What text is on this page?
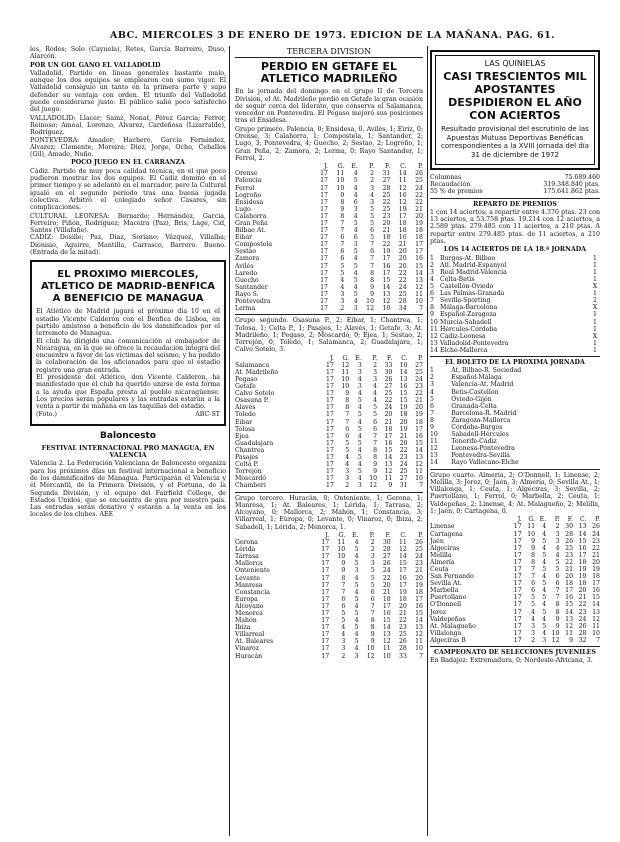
ABC. MIERCOLES 3 DE ENERO DE 1973. EDICION DE LA MAÑANA. PAG. 61.

les, Rodes; Solo (Cayuela), Retes, García Barreiro, Duso, Alarcón.

POR UN GOL GANO EL VALLADOLID

Valladolid. Partido en líneas generales bastante malo, aunque los dos equipos se emplearon con sumo vigor. El Valladolid consiguió un tanto en la primera parte y supo defender su ventaja con orden. El triunfo del Valladolid puede considerarse justo. El público salió poco satisfecho del juego.

VALLADOLID: Llacer; Sainz, Nonat, Pérez Garcia; Ferrer, Reinoso; Ameal, Lorenzo, Alvarez, Cardeñosa (Lizarralde), Rodríguez.
PONTEVEDRA: Amador; Hachero, García Fernández, Alvarez; Clemente, Moreira; Diez, Jorge, Ocho, Ceballos (Gil), Amado, Nuño.

POCO JUEGO EN EL CARRANZA

Cádiz. Partido de muy poca calidad técnica, en el que poco pudieron mostrar los dos equipos. El Cádiz dominó en el primer tiempo y se adelantó en el marcador, pero la Cultural igualó en el segundo período tras una buena jugada colectiva. Arbitró el colegiado señor Casares, sin complicaciones.

CULTURAL LEONESA: Bernardo; Hernández, Garcia, Ferreiro; Piñón, Rodríguez; Maceira (Paz), Bris, Lage, Cid, Santos (Villafañe).
CADIZ: Dosille; Paz, Diaz, Soriano; Vázquez, Villalba; Dionisio, Aguirre, Mantilla, Carrasco, Barrero. Bueno. (Entrada de la mitad).

EL PROXIMO MIERCOLES, ATLETICO DE MADRID-BENFICA A BENEFICIO DE MANAGUA

El Atlético de Madrid jugará el próximo día 10 en el estadio Vicente Calderón con el Benfica de Lisboa, en partido amistoso a beneficio de los damnificados por el terremoto de Managua.
El club ha dirigido una comunicación al embajador de Nicaragua, en la que se ofrece la recaudación íntegra del encuentro a favor de las víctimas del seísmo, y ha pedido la colaboración de los aficionados para que el estadio registre una gran entrada.
El presidente del Atlético, don Vicente Calderón, ha manifestado que el club ha querido unirse de esta forma a la ayuda que España presta al pueblo nicaragüense. Los precios serán populares y las entradas estarán a la venta a partir de mañana en las taquillas del estadio.

(Foto.)	ABC-ST

Baloncesto

FESTIVAL INTERNACIONAL PRO MANAGUA, EN VALENCIA

Valencia 2. La Federación Valenciana de Baloncesto organiza para los próximos días un festival internacional a beneficio de los damnificados de Managua. Participarán el Valencia y el Mercantil, de la Primera División, y el Fortuna, de la Segunda División, y el equipo del Fairfield College, de Estados Unidos, que se encuentra de gira por nuestro país. Las entradas serán donativo y estarán a la venta en los locales de los clubes. AEE

TERCERA DIVISION
PERDIO EN GETAFE EL ATLETICO MADRILEÑO

En la jornada del domingo en el grupo II de Tercera División, el At. Madrileño perdió en Getafe la gran ocasión de seguir cerca del liderato, que conserva el Salamanca, vencedor en Pontevedra. El Pegaso mejoró sus posiciones tras el Ensidesa.

Grupo primero. Palencia, 0; Ensidesa, 0. Avilés, 1; Eiriz, 0; Orense, 3; Calahorra, 1; Compostela, 1; Santander, 2; Lugo, 3; Pontevedra, 4; Guecho, 2; Sestao, 2; Logroño, 1; Gran Peña, 2; Zamora, 2; Lerma, 0; Rayo Santander, 1; Ferrol, 2.

	J.	G.	E.	P.	F.	C.	P.
Orense	17	11	4	2	31	14	26
Palencia	17	10	5	2	27	11	25
Ferrol	17	10	4	3	28	12	24
Logroño	17	9	4	4	25	16	22
Ensidesa	17	8	6	3	22	12	22
Lugo	17	9	3	5	25	19	21
Calahorra	17	8	4	5	23	17	20
Gran Peña	17	7	5	5	20	18	19
Bilbao At.	17	7	4	6	21	18	18
Eibar	17	6	6	5	18	16	18
Compostela	17	7	3	7	22	21	17
Sestao	17	6	5	6	19	20	17
Zamora	17	6	4	7	17	20	16
Avilés	17	5	5	7	16	20	15
Laredo	17	5	4	8	17	22	14
Guecho	17	4	5	8	15	22	13
Santander	17	4	4	9	14	24	12
Rayo S.	17	3	5	9	13	25	11
Pontevedra	17	3	4	10	12	28	10
Lerma	17	2	3	12	10	34	7

Grupo segundo. Osasuna P., 2; Eibar, 1; Chantrea, 1; Tolosa, 1; Celta P., 1; Pasajes, 1; Alavés, 1; Getafe, 3; At. Madrileño, 1; Pegaso, 2; Moscardó, 0; Ejea, 1; Sestao, 2; Torrejón, 0; Toledo, 1; Salamanca, 2; Guadalajara, 1; Calvo Sotelo, 3.

	J.	G.	E.	P.	F.	C.	P.
Salamanca	17	12	3	2	33	10	27
At. Madrileño	17	11	3	3	30	14	25
Pegaso	17	10	4	3	26	13	24
Getafe	17	10	3	4	27	16	23
Calvo Sotelo	17	9	4	4	25	15	22
Osasuna P.	17	8	5	4	22	15	21
Alavés	17	8	4	5	24	19	20
Toledo	17	7	5	5	20	18	19
Eibar	17	7	4	6	21	20	18
Tolosa	17	6	5	6	18	19	17
Ejea	17	6	4	7	17	21	16
Guadalajara	17	5	5	7	16	20	15
Chantrea	17	5	4	8	15	22	14
Pasajes	17	4	5	8	14	23	13
Celta P.	17	4	4	9	13	24	12
Torrejón	17	3	5	9	12	25	11
Moscardó	17	3	4	10	11	27	10
Chamberí	17	2	3	12	9	31	7

Grupo tercero. Huracán, 0; Onteniente, 1; Gerona, 1; Manresa, 1; At. Baleares, 1; Lérida, 1; Tarrasa, 2; Alcoyano, 0; Mallorca, 2; Mahón, 1; Constancia, 3; Villarreal, 1; Europa, 0; Levante, 0; Vinaroz, 0; Ibiza, 2; Sabadell, 1; Lérida, 2; Menorca, 1.

	J.	G.	E.	P.	F.	C.	P.
Gerona	17	11	4	2	30	11	26
Lérida	17	10	5	2	28	12	25
Tarrasa	17	10	4	3	27	14	24
Mallorca	17	9	5	3	26	15	23
Onteniente	17	9	3	5	24	17	21
Levante	17	8	4	5	22	16	20
Manresa	17	7	5	5	20	17	19
Constancia	17	7	4	6	21	19	18
Europa	17	6	5	6	18	18	17
Alcoyano	17	6	4	7	17	20	16
Menorca	17	5	5	7	16	21	15
Mahón	17	5	4	8	15	22	14
Ibiza	17	4	5	8	14	23	13
Villarreal	17	4	4	9	13	25	12
At. Baleares	17	3	5	9	12	26	11
Vinaroz	17	3	4	10	11	28	10
Huracán	17	2	3	12	10	33	7
LAS QUINIELAS
CASI TRESCIENTOS MIL APOSTANTES DESPIDIERON EL AÑO CON ACIERTOS

Resultado provisional del escrutinio de las Apuestas Mutuas Deportivas Benéficas correspondientes a la XVIII jornada del día 31 de diciembre de 1972

Columnas	75.689.460
Recaudación	319.348.840 ptas.
55 % de premios	175.641.862 ptas.

REPARTO DE PREMIOS

1 con 14 aciertos; a repartir entre 4.370 ptas. 23 con 13 aciertos, a 53.758 ptas. 19.214 con 12 aciertos, a 2.589 ptas. 279.485 con 11 aciertos, a 210 ptas. A repartir entre 279.485 ptas. de 11 aciertos, a 210 ptas.

LOS 14 ACIERTOS DE LA 18.ª JORNADA

1	Burgos-At. Bilbao	1
2	Atl. Madrid-Espanyol	1
3	Real Madrid-Valencia	1
4	Celta-Betis	1
5	Castellón-Oviedo	X
6	Las Palmas-Granada	1
7	Sevilla-Sporting	2
8	Málaga-Barcelona	X
9	Español-Zaragoza	1
10	Murcia-Sabadell	1
11	Hércules-Córdoba	1
12	Cádiz-Leonesa	X
13	Valladolid-Pontevedra	1
14	Elche-Mallorca	1

EL BOLETO DE LA PROXIMA JORNADA

1	At. Bilbao-R. Sociedad
2	Español-Málaga
3	Valencia-At. Madrid
4	Betis-Castellón
5	Oviedo-Gijón
6	Granada-Celta
7	Barcelona-R. Madrid
8	Zaragoza-Mallorca
9	Córdoba-Burgos
10	Sabadell-Hércules
11	Tenerife-Cádiz
12	Leonesa-Pontevedra
13	Pontevedra-Sevilla
14	Rayo Vallecano-Elche

Grupo cuarto. Almería, 2; O'Donnell, 1; Linense, 2; Melilla, 3; Jerez, 0; Jaén, 3; Almería, 0; Sevilla At., 1; Villalonga, 1; Ceuta, 1; Algeciras, 3; Sevilla, 2; Puertollano, 1; Ferrol, 0; Marbella, 2; Ceuta, 1; Valdepeñas, 2; Linense, 4; At. Malagueño, 2; Melilla, 1; Jaén, 0; Cartagena, 0.

	J.	G.	E.	P.	F.	C.	P.
Linense	17	11	4	2	30	13	26
Cartagena	17	10	4	3	28	14	24
Jaén	17	9	5	3	26	15	23
Algeciras	17	9	4	4	25	16	22
Melilla	17	8	5	4	23	17	21
Almería	17	8	4	5	22	18	20
Ceuta	17	7	5	5	21	19	19
San Fernando	17	7	4	6	20	19	18
Sevilla At.	17	6	5	6	18	18	17
Marbella	17	6	4	7	17	20	16
Puertollano	17	5	5	7	16	21	15
O'Donnell	17	5	4	8	15	22	14
Jerez	17	4	5	8	14	23	13
Valdepeñas	17	4	4	9	13	24	12
At. Malagueño	17	3	5	9	12	26	11
Villalonga	17	3	4	10	11	28	10
Algeciras B	17	2	3	12	9	32	7

CAMPEONATO DE SELECCIONES JUVENILES

En Badajoz: Extremadura, 0; Nordeste-Africana, 3.
